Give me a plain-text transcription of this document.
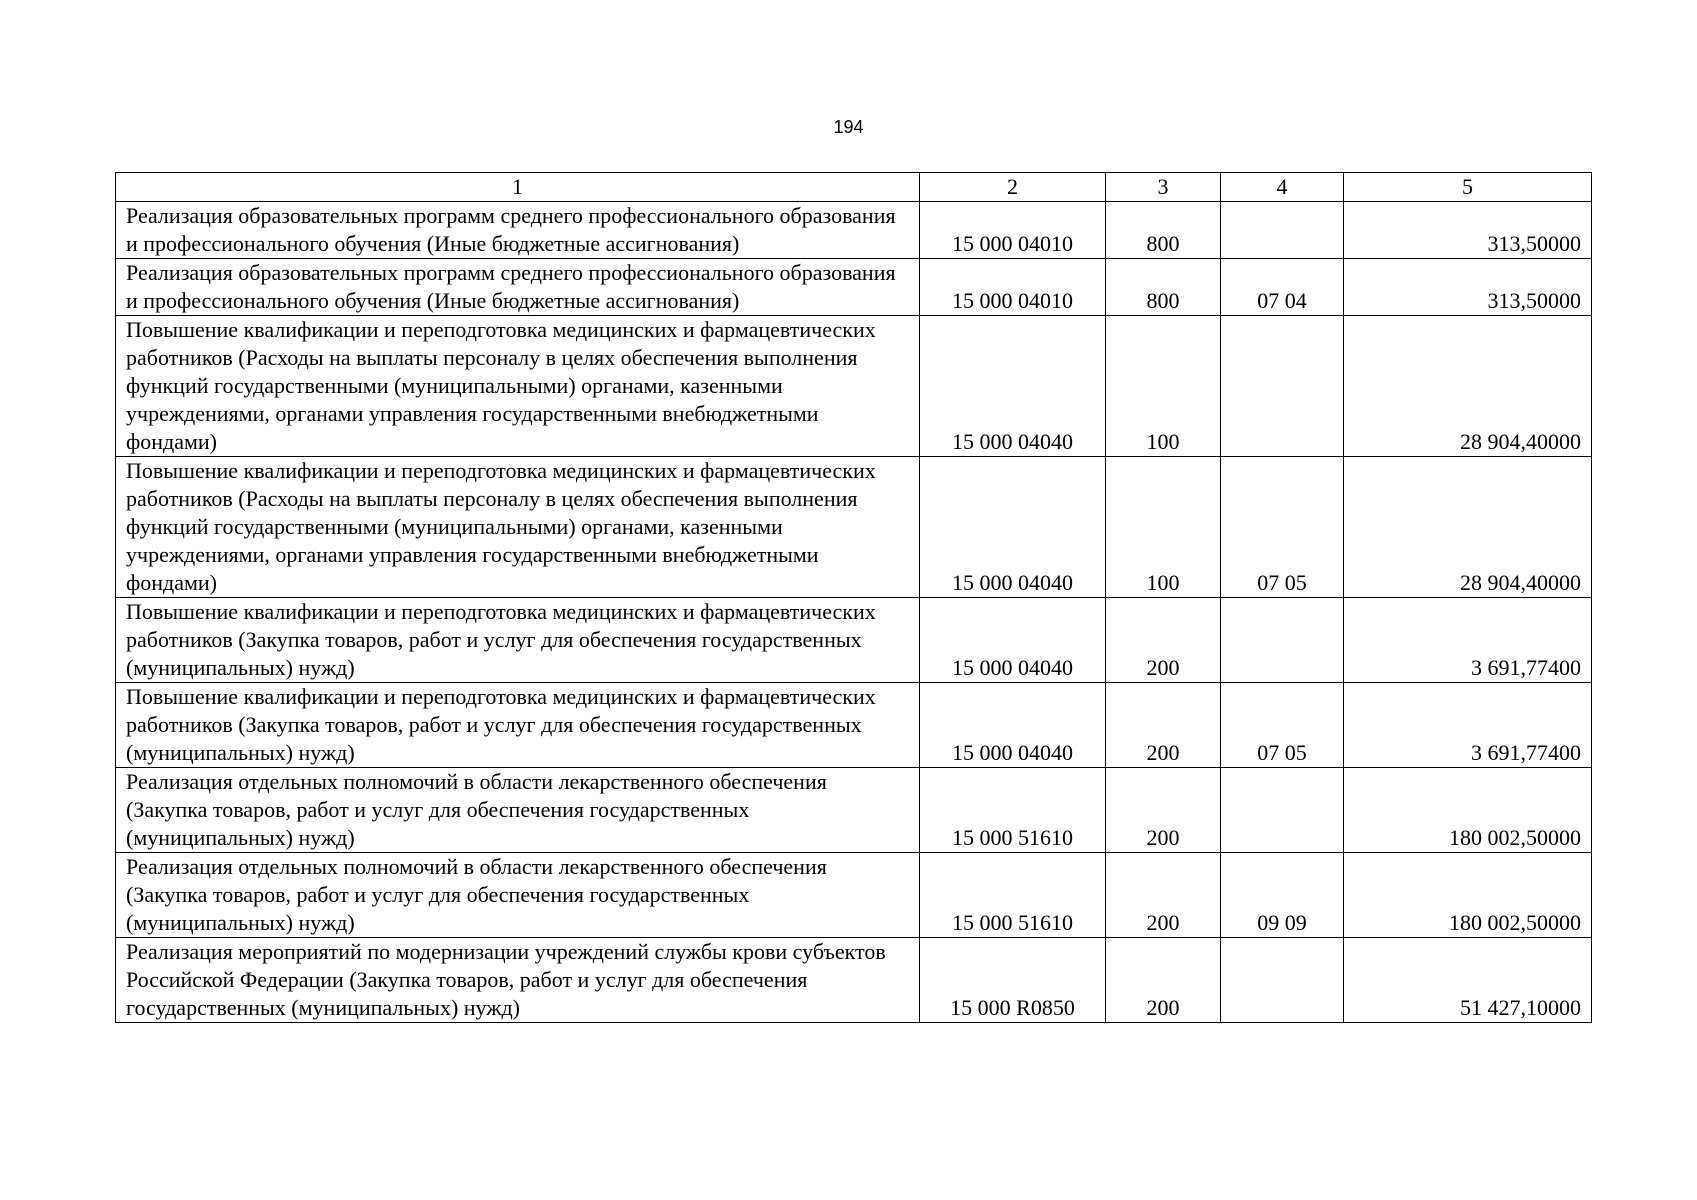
194
1	2	3	4	5
Реализация образовательных программ среднего профессионального образования и профессионального обучения (Иные бюджетные ассигнования)	15 000 04010	800		313,50000
Реализация образовательных программ среднего профессионального образования и профессионального обучения (Иные бюджетные ассигнования)	15 000 04010	800	07 04	313,50000
Повышение квалификации и переподготовка медицинских и фармацевтических работников (Расходы на выплаты персоналу в целях обеспечения выполнения функций государственными (муниципальными) органами, казенными учреждениями, органами управления государственными внебюджетными фондами)	15 000 04040	100		28 904,40000
Повышение квалификации и переподготовка медицинских и фармацевтических работников (Расходы на выплаты персоналу в целях обеспечения выполнения функций государственными (муниципальными) органами, казенными учреждениями, органами управления государственными внебюджетными фондами)	15 000 04040	100	07 05	28 904,40000
Повышение квалификации и переподготовка медицинских и фармацевтических работников (Закупка товаров, работ и услуг для обеспечения государственных (муниципальных) нужд)	15 000 04040	200		3 691,77400
Повышение квалификации и переподготовка медицинских и фармацевтических работников (Закупка товаров, работ и услуг для обеспечения государственных (муниципальных) нужд)	15 000 04040	200	07 05	3 691,77400
Реализация отдельных полномочий в области лекарственного обеспечения (Закупка товаров, работ и услуг для обеспечения государственных (муниципальных) нужд)	15 000 51610	200		180 002,50000
Реализация отдельных полномочий в области лекарственного обеспечения (Закупка товаров, работ и услуг для обеспечения государственных (муниципальных) нужд)	15 000 51610	200	09 09	180 002,50000
Реализация мероприятий по модернизации учреждений службы крови субъектов Российской Федерации (Закупка товаров, работ и услуг для обеспечения государственных (муниципальных) нужд)	15 000 R0850	200		51 427,10000
